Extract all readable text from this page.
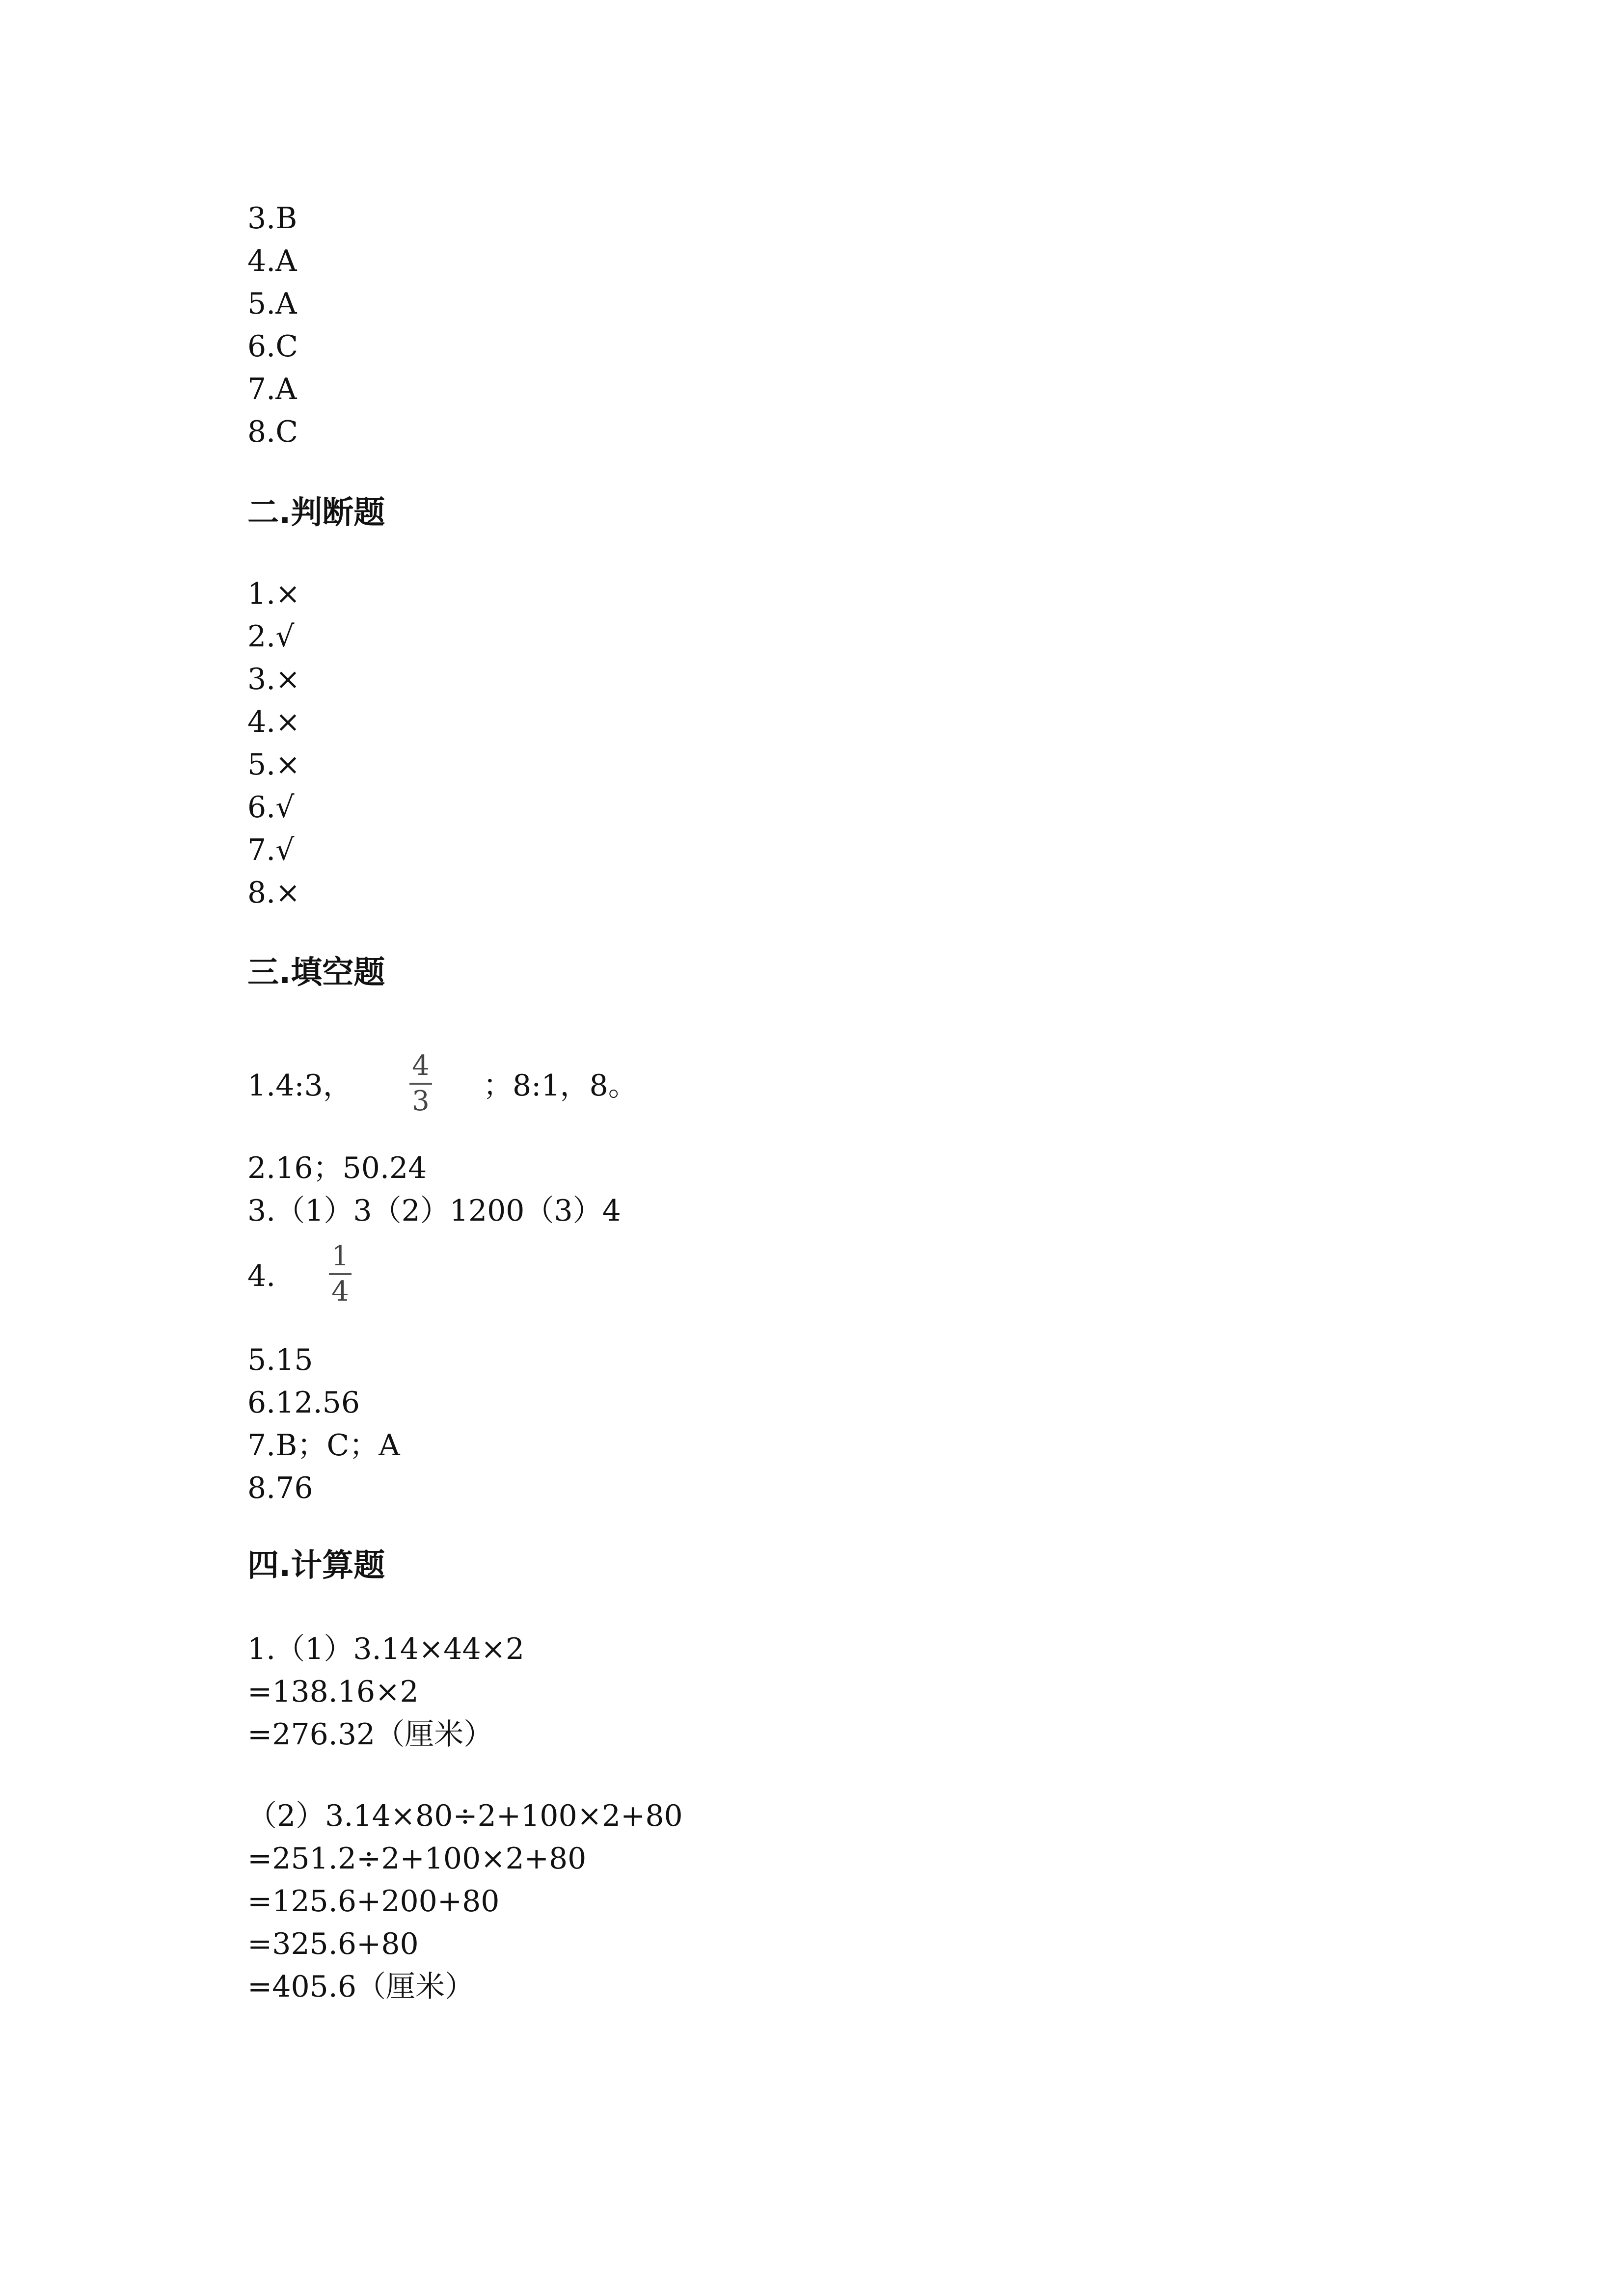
3.B
4.A
5.A
6.C
7.A
8.C
二.判断题
1.×
2.√
3.×
4.×
5.×
6.√
7.√
8.×
三.填空题
1.4:3，
4
3 ；8:1，8。
2.16；50.24
3.（1）3（2）1200（3）4
4.
1
4
5.15
6.12.56
7.B；C；A
8.76
四.计算题
1.（1）3.14×44×2
=138.16×2
=276.32（厘米）
（2）3.14×80÷2+100×2+80
=251.2÷2+100×2+80
=125.6+200+80
=325.6+80
=405.6（厘米）
